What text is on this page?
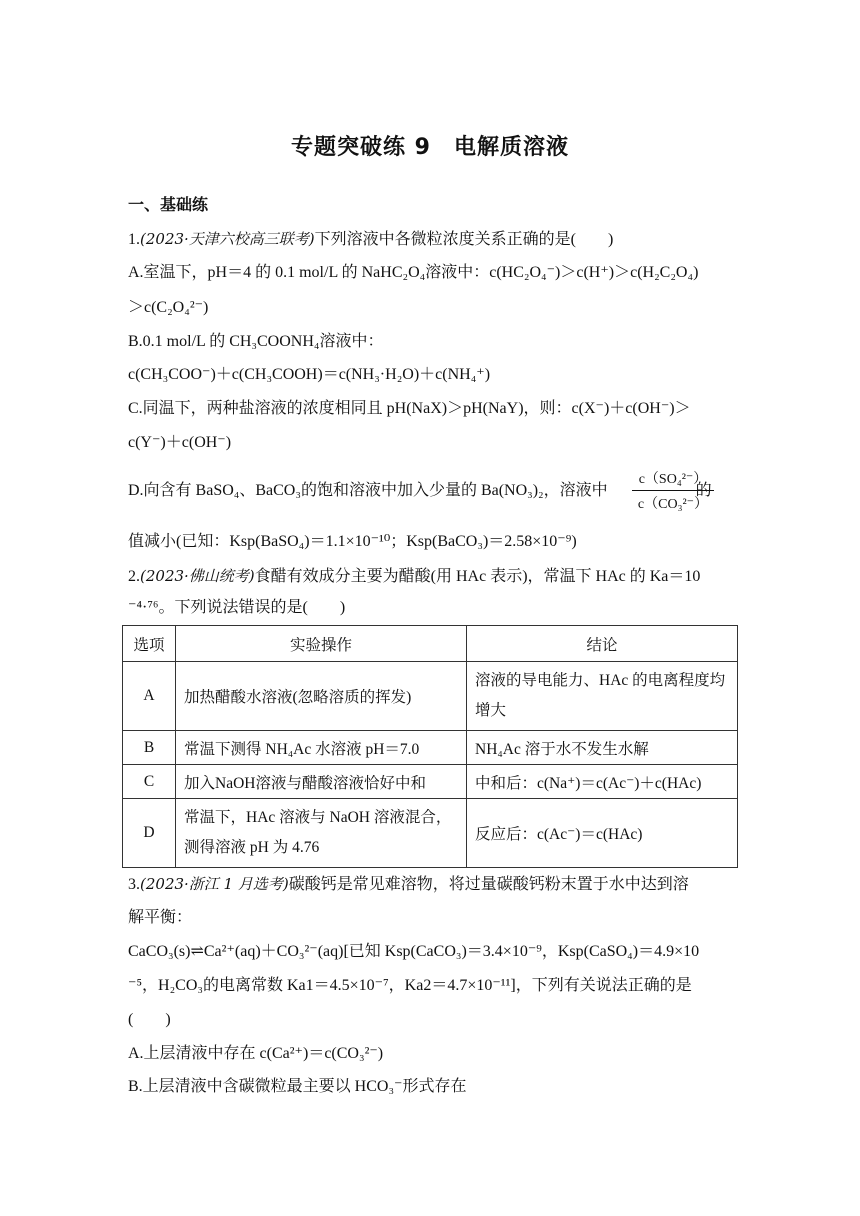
专题突破练 9　电解质溶液
一、基础练
1.(2023·天津六校高三联考)下列溶液中各微粒浓度关系正确的是(　　)
A.室温下，pH＝4 的 0.1 mol/L 的 NaHC₂O₄溶液中：c(HC₂O₄⁻)＞c(H⁺)＞c(H₂C₂O₄)
＞c(C₂O₄²⁻)
B.0.1 mol/L 的 CH₃COONH₄溶液中：
c(CH₃COO⁻)＋c(CH₃COOH)＝c(NH₃·H₂O)＋c(NH₄⁺)
C.同温下，两种盐溶液的浓度相同且 pH(NaX)＞pH(NaY)，则：c(X⁻)＋c(OH⁻)＞
c(Y⁻)＋c(OH⁻)
D.向含有 BaSO₄、BaCO₃的饱和溶液中加入少量的 Ba(NO₃)₂，溶液中	的
$\frac{\text{c（SO₄²⁻）}}{\text{c（CO₃²⁻）}}$
值减小(已知：Ksp(BaSO₄)＝1.1×10⁻¹⁰；Ksp(BaCO₃)＝2.58×10⁻⁹)
2.(2023·佛山统考)食醋有效成分主要为醋酸(用 HAc 表示)，常温下 HAc 的 Ka＝10
⁻⁴·⁷⁶。下列说法错误的是(　　)
选项	实验操作	结论
A	加热醋酸水溶液(忽略溶质的挥发)	溶液的导电能力、HAc 的电离程度均增大
B	常温下测得 NH₄Ac 水溶液 pH＝7.0	NH₄Ac 溶于水不发生水解
C	加入NaOH溶液与醋酸溶液恰好中和	中和后：c(Na⁺)＝c(Ac⁻)＋c(HAc)
D	常温下，HAc 溶液与 NaOH 溶液混合，测得溶液 pH 为 4.76	反应后：c(Ac⁻)＝c(HAc)
3.(2023·浙江 1 月选考)碳酸钙是常见难溶物，将过量碳酸钙粉末置于水中达到溶
解平衡：
CaCO₃(s)⇌Ca²⁺(aq)＋CO₃²⁻(aq)[已知 Ksp(CaCO₃)＝3.4×10⁻⁹，Ksp(CaSO₄)＝4.9×10
⁻⁵，H₂CO₃的电离常数 Ka1＝4.5×10⁻⁷，Ka2＝4.7×10⁻¹¹]，下列有关说法正确的是
(　　)
A.上层清液中存在 c(Ca²⁺)＝c(CO₃²⁻)
B.上层清液中含碳微粒最主要以 HCO₃⁻形式存在
